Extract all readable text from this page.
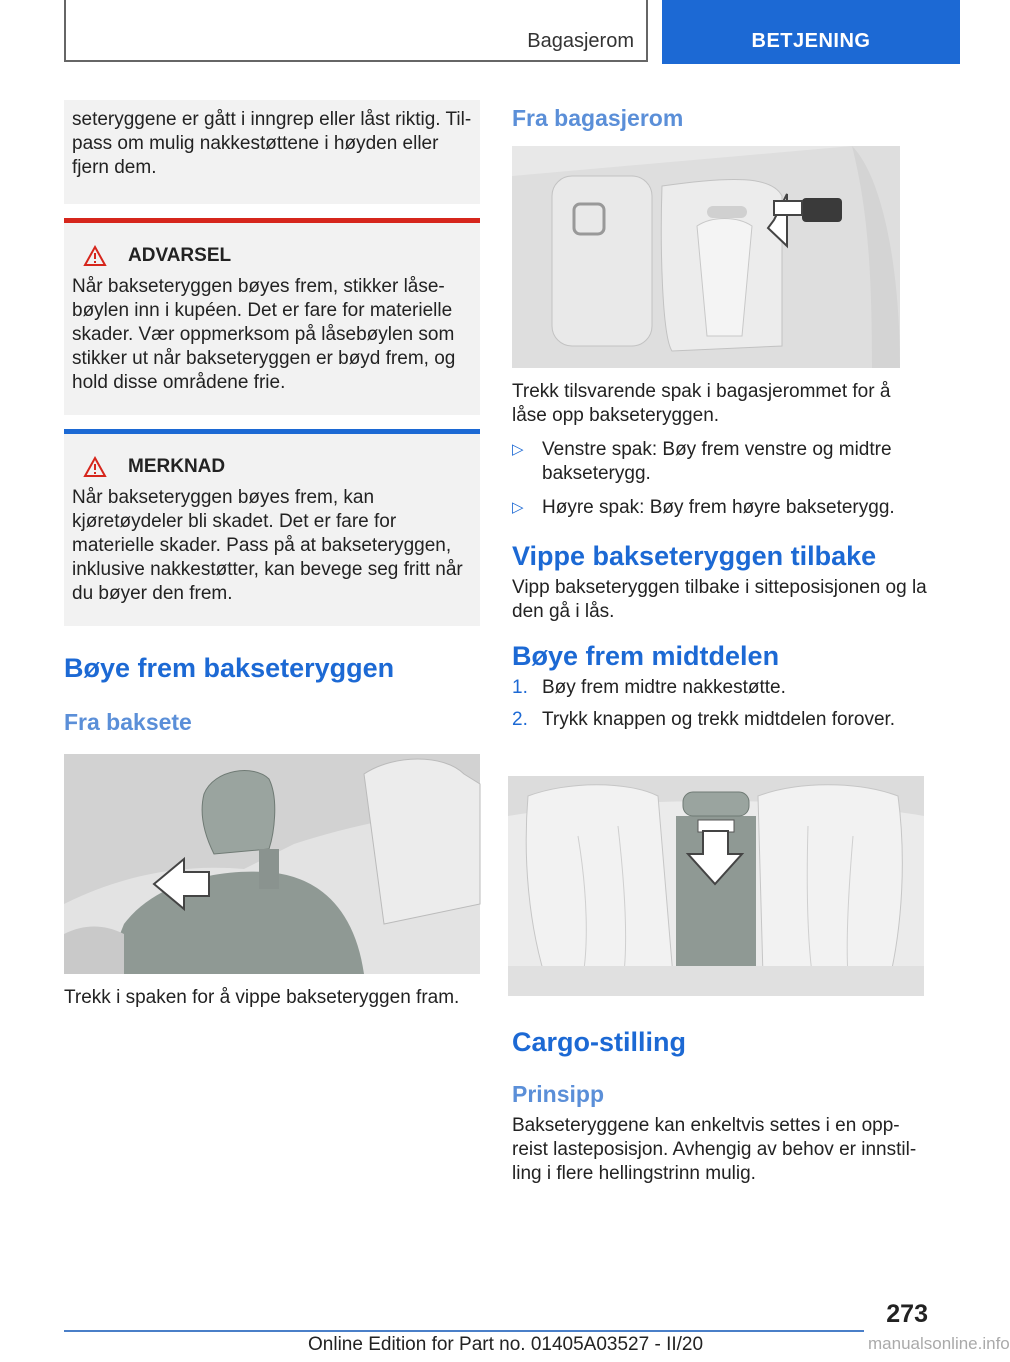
Bagasjerom	BETJENING

seteryggene er gått i inngrep eller låst riktig. Tilpass om mulig nakkestøttene i høyden eller fjern dem.

ADVARSEL

Når bakseteryggen bøyes frem, stikker låsebøylen inn i kupéen. Det er fare for materielle skader. Vær oppmerksom på låsebøylen som stikker ut når bakseteryggen er bøyd frem, og hold disse områdene frie.

MERKNAD

Når bakseteryggen bøyes frem, kan kjøretøydeler bli skadet. Det er fare for materielle skader. Pass på at bakseteryggen, inklusive nakkestøtter, kan bevege seg fritt når du bøyer den frem.

Bøye frem bakseteryggen
Fra baksete

Trekk i spaken for å vippe bakseteryggen fram.

Fra bagasjerom

Trekk tilsvarende spak i bagasjerommet for å låse opp bakseteryggen.

▷ Venstre spak: Bøy frem venstre og midtre bakseterygg.
▷ Høyre spak: Bøy frem høyre bakseterygg.
Vippe bakseteryggen tilbake

Vipp bakseteryggen tilbake i sitteposisjonen og la den gå i lås.

Bøye frem midtdelen
1. Bøy frem midtre nakkestøtte.
2. Trykk knappen og trekk midtdelen forover.
Cargo-stilling
Prinsipp

Bakseteryggene kan enkeltvis settes i en oppreist lasteposisjon. Avhengig av behov er innstilling i flere hellingstrinn mulig.

273
Online Edition for Part no. 01405A03527 - II/20	manualsonline.info
